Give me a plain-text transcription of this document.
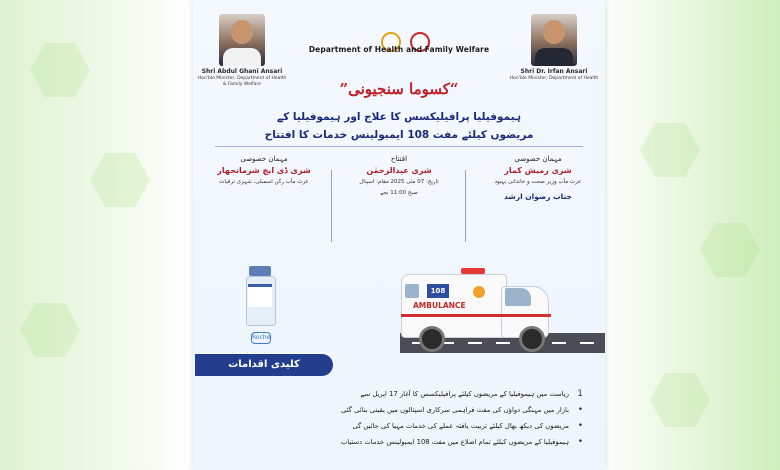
Shri Abdul Ghani Ansari
Hon'ble Minister, Department of Health & Family Welfare

Shri Dr. Irfan Ansari
Hon'ble Minister, Department of Health
Department of Health and Family Welfare
“کسوما سنجیونی”
ہیموفیلیا پرافیلیکسس کا علاج اور ہیموفیلیا کے
مریضوں کیلئے مفت 108 ایمبولینس خدمات کا افتتاح
مہمان خصوصی
شری رمیش کمار
عزت مآب وزیر صحت و خاندانی بہبود
جناب رضوان ارشد
افتتاح
شری عبدالرحمٰن
تاریخ: 07 مئی 2025 مقام: اسپتال
صبح 11:00 بجے
مہمان خصوصی
شری ڈی ایچ شرمانجھار
عزت مآب رکن اسمبلی، شہری ترقیات
Roche
108
AMBULANCE
کلیدی اقدامات
1
ریاست میں ہیموفیلیا کے مریضوں کیلئے پرافیلیکسس کا آغاز 17 اپریل سے
•
بازار میں مہنگی دواؤں کی مفت فراہمی سرکاری اسپتالوں میں یقینی بنائی گئی
•
مریضوں کی دیکھ بھال کیلئے تربیت یافتہ عملے کی خدمات مہیا کی جائیں گی
•
ہیموفیلیا کے مریضوں کیلئے تمام اضلاع میں مفت 108 ایمبولینس خدمات دستیاب
